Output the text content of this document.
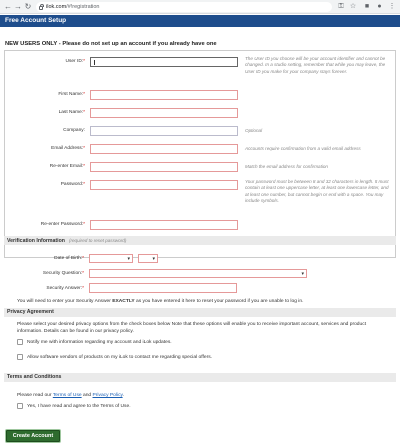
← → ↻	ilok.com/#!registration	⚿ ☆	■	● ⋮
Free Account Setup
NEW USERS ONLY - Please do not set up an account if you already have one
User ID:*
The User ID you choose will be your account identifier and cannot be changed. In a studio setting, remember that while you may leave, the User ID you make for your company stays forever.
First Name:*
Last Name:*
Company:	Optional
Email Address:*	Accounts require confirmation from a valid email address
Re-enter Email:*	Match the email address for confirmation
Password:*
Your password must be between 8 and 32 characters in length. It must contain at least one uppercase letter, at least one lowercase letter, and at least one number, but cannot begin or end with a space. You may include symbols.
Re-enter Password:*
Verification Information (required to reset password)
Date of Birth:*	▾	▾
Security Question:*	▾
Security Answer:*
You will need to enter your Security Answer EXACTLY as you have entered it here to reset your password if you are unable to log in.
Privacy Agreement
Please select your desired privacy options from the check boxes below Note that these options will enable you to receive important account, services and product information. Details can be found in our privacy policy.
Notify me with information regarding my account and iLok updates.
Allow software vendors of products on my iLok to contact me regarding special offers.
Terms and Conditions
Please read our Terms of Use and Privacy Policy.
Yes, I have read and agree to the Terms of Use.
Create Account
